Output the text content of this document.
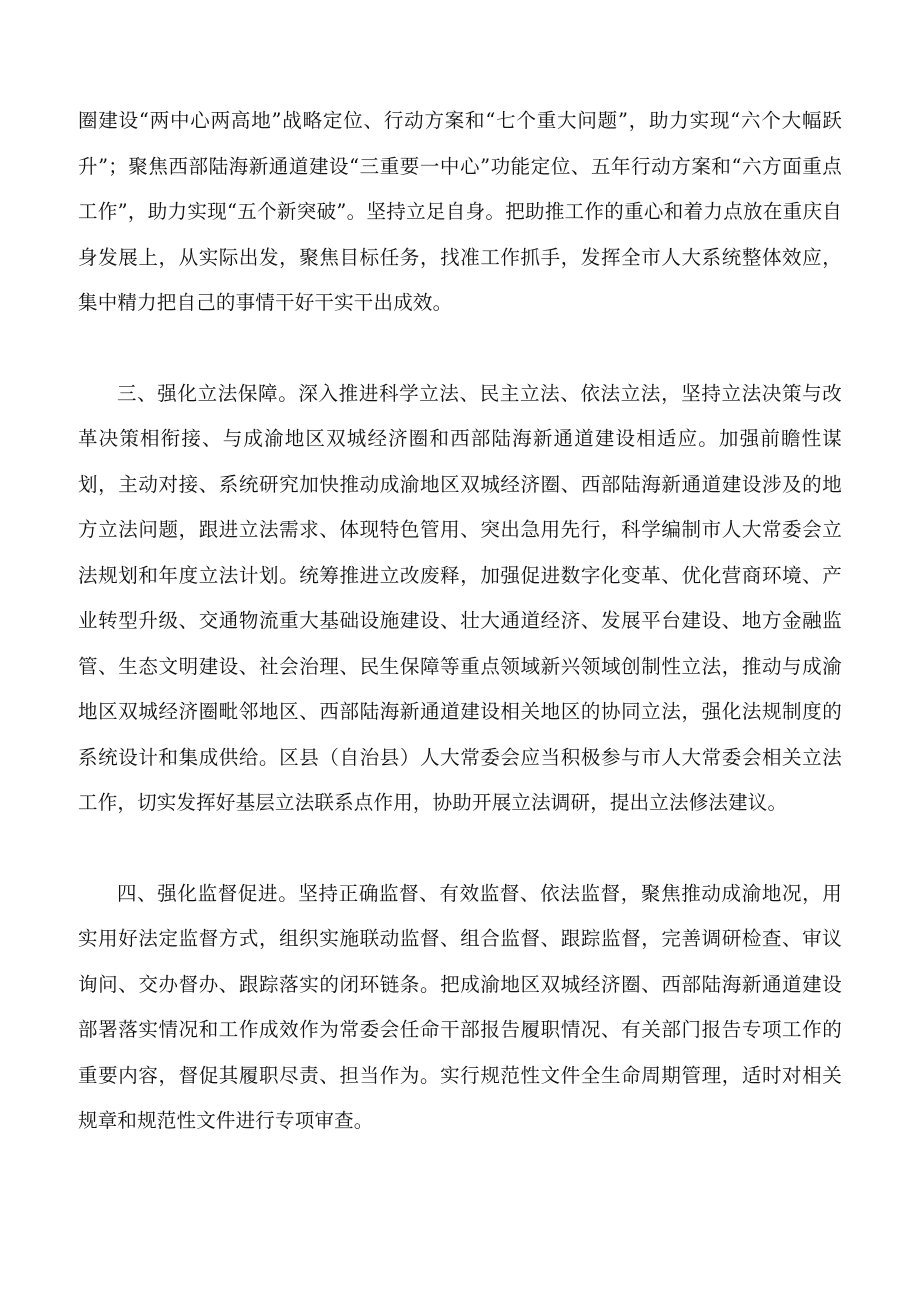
圈建设“两中心两高地”战略定位、行动方案和“七个重大问题”，助力实现“六个大幅跃升”；聚焦西部陆海新通道建设“三重要一中心”功能定位、五年行动方案和“六方面重点工作”，助力实现“五个新突破”。坚持立足自身。把助推工作的重心和着力点放在重庆自身发展上，从实际出发，聚焦目标任务，找准工作抓手，发挥全市人大系统整体效应，集中精力把自己的事情干好干实干出成效。

三、强化立法保障。深入推进科学立法、民主立法、依法立法，坚持立法决策与改革决策相衔接、与成渝地区双城经济圈和西部陆海新通道建设相适应。加强前瞻性谋划，主动对接、系统研究加快推动成渝地区双城经济圈、西部陆海新通道建设涉及的地方立法问题，跟进立法需求、体现特色管用、突出急用先行，科学编制市人大常委会立法规划和年度立法计划。统筹推进立改废释，加强促进数字化变革、优化营商环境、产业转型升级、交通物流重大基础设施建设、壮大通道经济、发展平台建设、地方金融监管、生态文明建设、社会治理、民生保障等重点领域新兴领域创制性立法，推动与成渝地区双城经济圈毗邻地区、西部陆海新通道建设相关地区的协同立法，强化法规制度的系统设计和集成供给。区县（自治县）人大常委会应当积极参与市人大常委会相关立法工作，切实发挥好基层立法联系点作用，协助开展立法调研，提出立法修法建议。

四、强化监督促进。坚持正确监督、有效监督、依法监督，聚焦推动成渝地况，用实用好法定监督方式，组织实施联动监督、组合监督、跟踪监督，完善调研检查、审议询问、交办督办、跟踪落实的闭环链条。把成渝地区双城经济圈、西部陆海新通道建设部署落实情况和工作成效作为常委会任命干部报告履职情况、有关部门报告专项工作的重要内容，督促其履职尽责、担当作为。实行规范性文件全生命周期管理，适时对相关规章和规范性文件进行专项审查。
